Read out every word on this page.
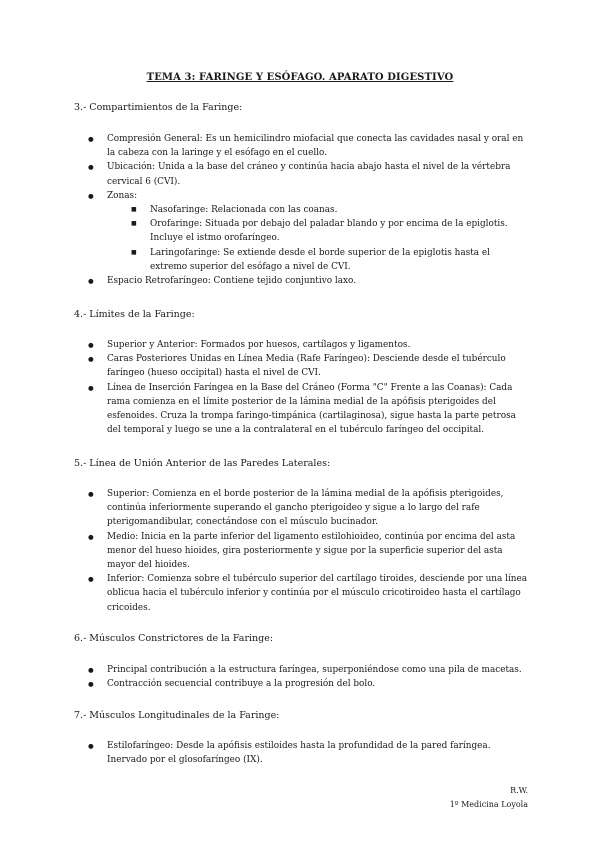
TEMA 3: FARINGE Y ESÓFAGO. APARATO DIGESTIVO

3.- Compartimientos de la Faringe:

● Compresión General: Es un hemicilindro miofacial que conecta las cavidades nasal y oral en la cabeza con la laringe y el esófago en el cuello.
● Ubicación: Unida a la base del cráneo y continúa hacia abajo hasta el nivel de la vértebra cervical 6 (CVI).
● Zonas:
■ Nasofaringe: Relacionada con las coanas.
■ Orofaringe: Situada por debajo del paladar blando y por encima de la epiglotis. Incluye el istmo orofaríngeo.
■ Laringofaringe: Se extiende desde el borde superior de la epiglotis hasta el extremo superior del esófago a nivel de CVI.
● Espacio Retrofaríngeo: Contiene tejido conjuntivo laxo.

4.- Límites de la Faringe:

● Superior y Anterior: Formados por huesos, cartílagos y ligamentos.
● Caras Posteriores Unidas en Línea Media (Rafe Faríngeo): Desciende desde el tubérculo faríngeo (hueso occipital) hasta el nivel de CVI.
● Línea de Inserción Faríngea en la Base del Cráneo (Forma "C" Frente a las Coanas): Cada rama comienza en el límite posterior de la lámina medial de la apófisis pterigoides del esfenoides. Cruza la trompa faringo-timpánica (cartilaginosa), sigue hasta la parte petrosa del temporal y luego se une a la contralateral en el tubérculo faríngeo del occipital.

5.- Línea de Unión Anterior de las Paredes Laterales:

● Superior: Comienza en el borde posterior de la lámina medial de la apófisis pterigoides, continúa inferiormente superando el gancho pterigoideo y sigue a lo largo del rafe pterigomandibular, conectándose con el músculo bucinador.
● Medio: Inicia en la parte inferior del ligamento estilohioideo, continúa por encima del asta menor del hueso hioides, gira posteriormente y sigue por la superficie superior del asta mayor del hioides.
● Inferior: Comienza sobre el tubérculo superior del cartílago tiroides, desciende por una línea oblicua hacia el tubérculo inferior y continúa por el músculo cricotiroideo hasta el cartílago cricoides.

6.- Músculos Constrictores de la Faringe:

● Principal contribución a la estructura faríngea, superponiéndose como una pila de macetas.
● Contracción secuencial contribuye a la progresión del bolo.

7.- Músculos Longitudinales de la Faringe:

● Estilofaríngeo: Desde la apófisis estiloides hasta la profundidad de la pared faríngea. Inervado por el glosofaríngeo (IX).
R.W.
1º Medicina Loyola
